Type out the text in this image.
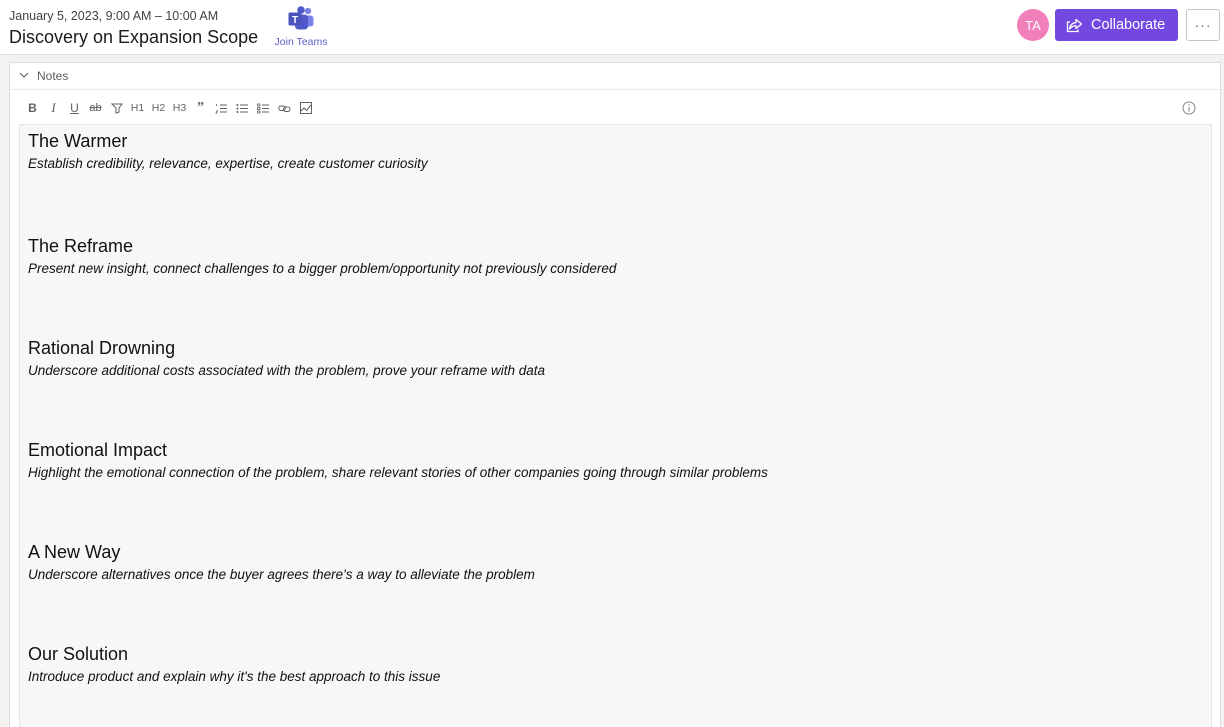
January 5, 2023, 9:00 AM – 10:00 AM
Discovery on Expansion Scope
T
Join Teams
TA	Collaborate	···
Notes
B	I	U ab	H1 H2 H3 ”
The Warmer

Establish credibility, relevance, expertise, create customer curiosity

The Reframe

Present new insight, connect challenges to a bigger problem/opportunity not previously considered

Rational Drowning

Underscore additional costs associated with the problem, prove your reframe with data

Emotional Impact

Highlight the emotional connection of the problem, share relevant stories of other companies going through similar problems

A New Way

Underscore alternatives once the buyer agrees there's a way to alleviate the problem

Our Solution

Introduce product and explain why it's the best approach to this issue
